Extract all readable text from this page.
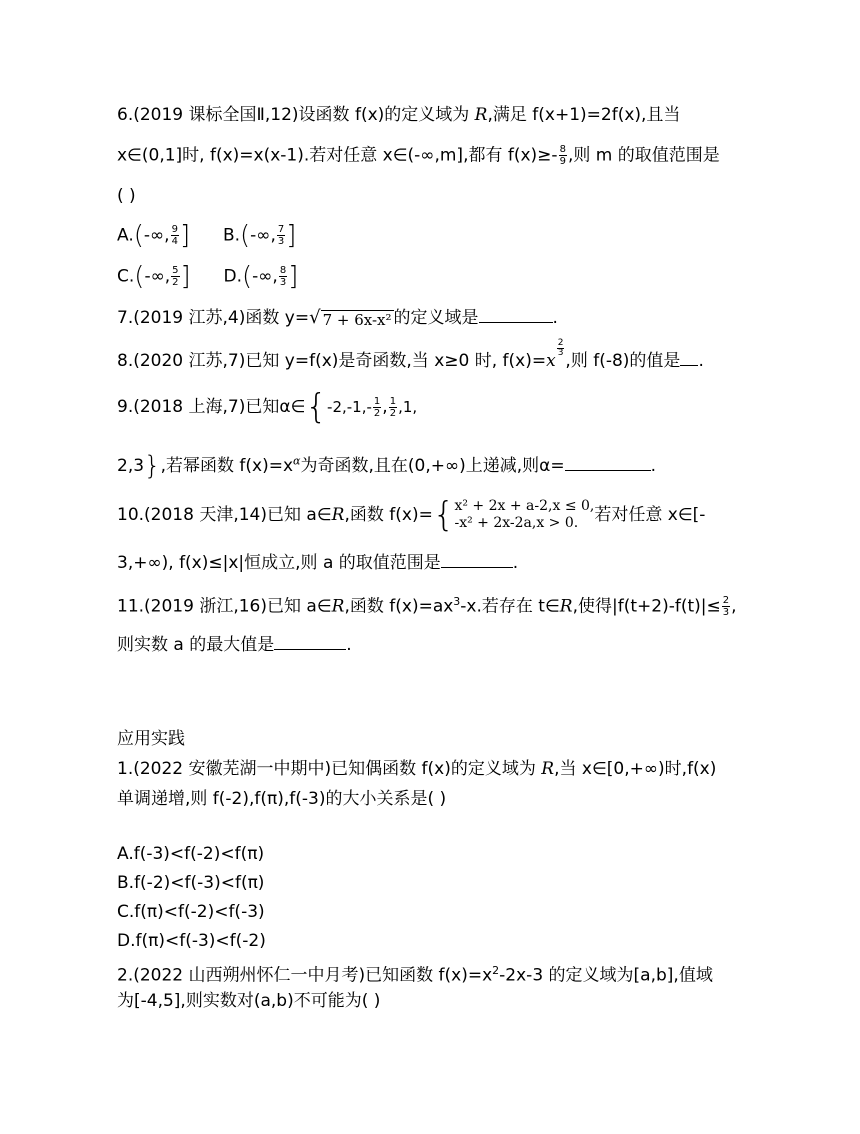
6.(2019 课标全国Ⅱ,12)设函数 f(x)的定义域为 R,满足 f(x+1)=2f(x),且当
x∈(0,1]时, f(x)=x(x-1).若对任意 x∈(-∞,m],都有 $f(x)\ge- \frac{8}{9}$ ,则 m 的取值范围是
( )
A.(-∞, $\frac{9}{4}$ ] B.(-∞, $\frac{7}{3}$ ]
C.(-∞, $\frac{5}{2}$ ] D.(-∞, $\frac{8}{3}$ ]
7.(2019 江苏,4)函数 y= √ 7 + 6x-x² 的定义域是	.
8.(2020 江苏,7)已知 y=f(x)是奇函数,当 x≥0 时, f(x)=x
$\frac{2}{3}$
,则 f(-8)的值是 .
9.(2018 上海,7)已知α∈{-2,-1,- $\frac{1}{2}$ , $\frac{1}{2} ,1$,
2,3},若幂函数 $f(x)=x^\alpha$为奇函数,且在(0,+∞)上递减,则α=	.
10.(2018 天津,14)已知 a∈R,函数 f(x)={ x² + 2x + a-2,x ≤ 0,
-x² + 2x-2a,x > 0. 若对任意 x∈[-
3,+∞), f(x)≤|x|恒成立,则 a 的取值范围是	.
11.(2019 浙江,16)已知 a∈R,函数 $f(x)=ax^3-x$.若存在 t∈R,使得$|f(t+2)-f(t)|\le \frac{2}{3}$ ,
则实数 a 的最大值是	.
应用实践
1.(2022 安徽芜湖一中期中)已知偶函数 f(x)的定义域为 R,当 x∈[0,+∞)时,f(x)
单调递增,则 f(-2),f(π),f(-3)的大小关系是( )
A.f(-3)<f(-2)<f(π)
B.f(-2)<f(-3)<f(π)
C.f(π)<f(-2)<f(-3)
D.f(π)<f(-3)<f(-2)
2.(2022 山西朔州怀仁一中月考)已知函数 $f(x)=x^2-2x-3$ 的定义域为[a,b],值域
为[-4,5],则实数对(a,b)不可能为( )
